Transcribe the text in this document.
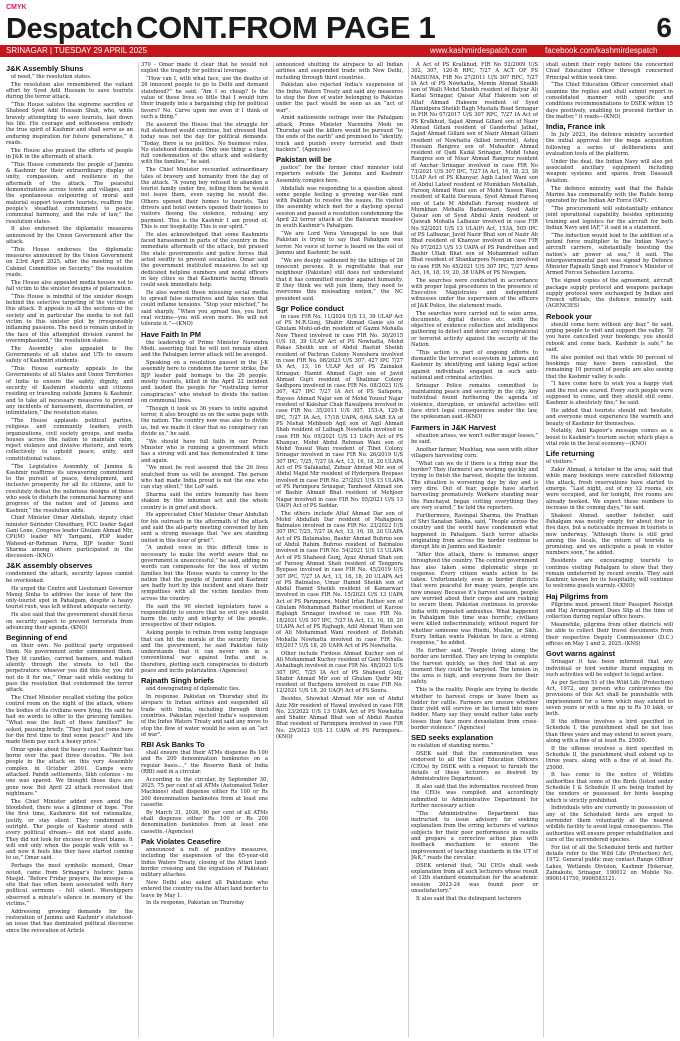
CMYK
Despatch CONT.FROM PAGE 1	6
SRINAGAR | TUESDAY 29 APRIL 2025	www.kashmirdespatch.com facebook.com/kashmirdespatch
J&K Assembly Shuns

of need,” the resolution states.

The resolution also remembered the valiant effort by Syed Adil Hussain to save tourists during the terror attack.

“This House salutes the supreme sacrifice of Shaheed Syed Adil Hussain Shah, who, while bravely attempting to save tourists, laid down his life. His courage and selflessness embody the true spirit of Kashmir and shall serve as an enduring inspiration for future generations,” it reads.

The House also praised the efforts of people in J&K in the aftermath of attack.

“This House commends the people of Jammu & Kashmir for their extraordinary display of unity, compassion, and resilience in the aftermath of the attack. The peaceful demonstrations across towns and villages, and the spontaneous outpouring of moral and material support towards tourists, reaffirm the people’s steadfast commitment to peace, communal harmony, and the rule of law,” the resolution states.

It also endorsed the diplomatic measures announced by the Union Government after the attack.

“This House endorses the diplomatic measures announced by the Union Government on 23rd April 2025, after the meeting of the Cabinet Committee on Security,” the resolution reads.

The House also appealed media houses not to fall victim to the sinister designs of polarization.

“This House is mindful of the sinister design behind the selective targeting of the victims of this attack. It appeals to all the sections of the society and in particular the media to not fall victim to this sinister plot by irresponsibly inflaming passions. The need is remain united in the face of this attempted division cannot be overemphasized,” the resolution states.

The Assembly also appealed to the Governments of all states and UTs to ensure safety of Kashmiri students.

“This House earnestly appeals to the Governments of all States and Union Territories of India to ensure the safety, dignity, and security of Kashmiri students and citizens residing or traveling outside Jammu & Kashmir, and to take all necessary measures to prevent any incidents of harassment, discrimination, or intimidation,” the resolution states.

“The House applauds political parties, religious and community leaders, youth organizations, civil society groups, and media houses across the nation to maintain calm, reject violence and divisive rhetoric, and work collectively to uphold peace, unity, and constitutional values.

“The Legislative Assembly of Jammu & Kashmir reaffirms its unwavering commitment to the pursuit of peace, development, and inclusive prosperity for all its citizens, and to resolutely defeat the nefarious designs of those who seek to disturb the communal harmony and progress of the nation and of Jammu and Kashmir,” the resolution adds.

Chief Minister Omar Abdullah, deputy chief minister Surinder Choudhary, PCC leader Sajad Gani Lone, Congress leader Ghulam Ahmad Mir, CPI(M) leader MY Tarigami, PDP leader Waheed-ur-Rehman Parra, BJP leader Sunil Sharma among others participated in the discussion.-(KNO)

J&K assembly observes

condemned the attack, security lapses cannot be overlooked.

He urged the Centre and Lieutenant Governor Manoj Sinha to address the issue of how the only-tourist spot in Pahalgam, despite a heavy tourist rush, was left without adequate security.

He also said that the government should focus on security aspect to prevent terrorists from advancing their agenda.-(KNO)

Beginning of end

on their own. No political party organised them. No government order summoned them. They lit candles, carried banners, and walked silently through the streets to tell the perpetrators: whoever you did this for, you did not do it for me,” Omar said while seeking to pass the resolution that condemned the terror attack.

The Chief Minister recalled visiting the police control room on the night of the attack, where the bodies of its civilians were lying. He said he had no words to offer to the grieving families. “What was the fault of these families?” he asked, pausing briefly. “They had just come here for the first time to find some peace!” And life made them pay such a heavy price.”

Omar spoke about the heavy cost Kashmir has borne over the past three decades. “We lost people in the attack on this very Assembly complex in October 2001. Camps were attacked. Pandit settlements, Sikh colonies - no one was spared. We thought those days are gone now. But April 22 attack recreated that nightmare.”

The Chief Minister added even amid the bloodshed, there was a glimmer of hope. “For the first time, Kashmiris did not rationalize, justify, or stay silent. They condemned it outright. The people of Kashmir stood with every political stream— did not stand aside. They did not look for excuses or divert blame. It will end only when the people walk with us - and now it feels like they have started coming to us,” Omar said.

Perhaps the most symbolic moment, Omar noted, came from Srinagar’s historic Jamia Masjid. “Before Friday prayers, the mosque - a site that has often been associated with fiery political sermons - fell silent. Worshippers observed a minute’s silence in memory of the victims.”

Addressing growing demands for the restoration of Jammu and Kashmir’s statehood- an issue that has dominated political discourse since the revocation of Article

370 - Omar made it clear that he would not exploit the tragedy for political leverage.

“How can I, with what face, use the deaths of 26 innocent people to go to Delhi and demand statehood?” he said. “Am I so cheap? Is the value of these lives so little that I would turn their tragedy into a bargaining chip for political favors? No. Carve upon me even if I think of such a thing.”

He assured the House that the struggle for full statehood would continue, but stressed that today was not the day for political demands. “Today, there is no politics. No business rules. No statehood demands. Only one thing: a clear, full condemnation of the attack and solidarity with the families,” he said.

The Chief Minister recounted extraordinary tales of bravery and humanity from the day of the attack. “A young boy refused to abandon a tourist family under fire, telling them he would not leave them, even saying he would die. Others opened their homes to tourists. Taxi drivers and hotel owners opened their homes to visitors fleeing the violence, refusing any payment. This is the Kashmir I am proud of. This is our hospitality. This is our spirit.”

He also acknowledged that some Kashmiris faced harassment in parts of the country in the immediate aftermath of the attack, but praised the state governments and police forces that acted swiftly to prevent escalation. Omar said the government instituted measures to set up dedicated helpline numbers and nodal officers in key cities so that Kashmiris facing threats could seek immediate help.

He also warned those misusing social media to spread false narratives and fake news that could inflame tensions. “Stop your mischief,” he said sharply. “When you spread lies, you hurt real victims—you will even more. We will not tolerate it.”—(KNO)

Have Faith In PM

the leadership of Prime Minister Narendra Modi, asserting that he will not remain silent and the Pahalgam terror attack will be avenged.

Speaking on a resolution passed in the J-K assembly here to condemn the terror strike, the BJP leader paid homage to the 26 people, mostly tourists, killed in the April 22 incident and lauded the people for ‟rustrating terror conspiracies” who wished to divide the nation on communal lines.

“Though it took us 36 years to unite against terror, it also brought us on the same page with the nation. The country now was also to divide us, but we made it clear that no conspiracy can divide us,” he said.

“We should have full faith in our Prime Minister who is running a government which has a strong will and has demonstrated it time and again.

“We must be rest assured that the 26 lives snatched from us will be avenged. The person who had made India proud is not the one who can stay silent,” the LoP said.

Sharma said the entire humanity has been shaken by this inhuman act and the whole country is in grief and shock.

He appreciated Chief Minister Omar Abdullah for his outreach in the aftermath of the attack and said the all-party meeting convened by him sent a strong message that “we are standing united in this hour of grief”.

“A united voice in this difficult time is necessary to make the world aware that no government is unsuccessful,” he said, adding no words can compensate for the loss of victim families but the House wants to convey to the nation that the people of Jammu and Kashmir are badly hurt by this incident and share their sympathies with all the victim families from across the country.

He said the 90 elected legislators have a responsibility to ensure that no evil eye should harm the unity and integrity of the people, irrespective of their religion.

Asking people to refrain from using language that can hit the morale of the security forces and the government, he said Pakistan fully understands that it can never win in a conventional war against India and is, therefore, plotting such conspiracies to disturb peace and incite polarization.-(Agencies)

Rajnath Singh briefs

and downgrading of diplomatic ties.

In response, Pakistan on Thursday shut its airspace to Indian airlines and suspended all trade with India, including through third countries. Pakistan rejected India’s suspension of the Indus Waters Treaty and said any move to stop the flow of water would be seen as an “act of war”.

RBI Ask Banks To

shall ensure that their ATMs dispense Rs 100 and Rs 200 denomination banknotes on a regular basis...,” the Reserve Bank of India (RBI) said in a circular.

According to the circular, by September 30, 2025, 75 per cent of all ATMs (Automated Teller Machines) shall dispense either Rs 100 or Rs 200 denomination banknotes from at least one cassette.

By March 31, 2026, 90 per cent of all ATMs shall dispense either Rs 100 or Rs 200 denomination banknotes from at least one cassette.-(Agencies)

Pak Violates Ceasefire

announced a raft of punitive measures, including the suspension of the 65-year-old Indus Waters Treaty, closing of the Attari land-border crossing and the expulsion of Pakistani military attaches.

New Delhi also asked all Pakistanis who entered the country via the Attari land border to leave by May 1.

In its response, Pakistan on Thursday

announced shutting its airspace to all Indian airlines and suspended trade with New Delhi, including through third countries.

Pakistan also rejected India’s suspension of the Indus Waters Treaty and said any measures to stop the flow of water belonging to Pakistan under the pact would be seen as an “act of war”.

Amid nationwide outrage over the Pahalgam attack, Prime Minister Narendra Modi on Thursday said the killers would be pursued “to the ends of the earth” and promised to “identify, track and punish every terrorist and their backers”. (Agencies)

Pakistan will be

justice” for the former chief minister told reporters outside the Jammu and Kashmir Assembly complex here.

Abdullah was responding to a question about some people feeling a growing war-like rant with Pakistan to resolve the issues. He visited the assembly which met for a daylong special session and passed a resolution condemning the April 22 terror attack at the Baisaran meadow in south Kashmir’s Pahalgam.

“We are Lord Venu Venugopal to see that Pakistan is trying to say that Pahalgam was terror. No voice of terror is heard on the soil of Jammu and Kashmir, he said.

“We are deeply saddened by the killings of 26 innocent persons. It is regrettable that our neighbour (Pakistan) still does not understand that it has committed murder against humanity. If they think we will join them, they need to overcome this misleading notion,” the NC president said.

Sgr Police conduct

in case FIR No. 11/2024 U/S 13, 39 ULAP Act of PS M.R.Gunj, Shabir Ahmad Ganie s/o of Ghulam Mohi-ud-din resident of Gazmi Mohalla New Theed involved in case FIR No. 30/2015 U/S 18, 39 ULAP Act of PS Nowhatta, Mohd Pakas Sheikh son of Abdul Rashid Sheikh resident of Pachran Colony Nowshera involved in case FIR No. 08/2023 U/S 307, 427 IPC 7/27 IA Act, 13, 16 ULAP Act of PS Zainakot Srinagar, Hamid Ahmad Gujri son of Javid Ahmad Gujri resident of Shalimar Colony Sadhpora involved in case FIR No. 08/2023 U/S 307, 427 IPC 7/27 IA Act of PS Safapora, Rayees Ahmad Najar son of Mohd Yousuf Najar resident of Kakshar Chak Rawalpora involved in case FIR No. 35/2011 U/S 307, 153-A, 120-B IPC, 7/27 IA Act, 17/18 UAPA, 6/6A SAB EA of PS Nishat Mehboob Aqil son of Aqil Ahmad Shah resident of Lalbagh Nowhatta involved in case FIR No. 05/2021 U/S 13 UA(P) Act of PS Khanyar, Mohd Abdul Rehman Wani son of Mohd Yousuf Wani resident of Tibet Colony Srinagar involved in case FIR No. 26/2019 U/S 307 IPC, 7/25, 7/27 IA Act, 13, 16, 18, 20 ULAPA Act of PS Safakadal, Zubair Ahmad Mir son of Abdul Majid Mir resident of Hyderpora Byepass involved in case FIR No. 27/2021 U/S 13 ULAPA of PS Parimpora Srinagar, Tamheed Ahmad son of Bashir Ahmad Bhat resident of Mehjoor Nagar involved in case FIR No. 05/2021 U/S 13 UA(P) Act of PS Saddar.

The others include Altaf Ahmad Dar son of Mohd Abdullah Dar resident of Mahajpora Batmaloo involved in case FIR No. 23/2022 U/S 307 IPC 7/25, 7/27 IA Act, 13, 16, 18, 20 ULAPA Act of PS Batamaloo, Bashir Ahmad Buhroo son of Abdul Rahim Buhroo resident of Batmaloo involved in case FIR No. 54/2021 U/S 13 ULAPA Act of PS Shaheed Gunj, Ayaz Ahmad Shah son of Farooq Ahmad Shah resident of Tengpora Byepass involved in case FIR No. 45/2019 U/S 307 IPC, 7/27 IA Act, 13, 16, 18, 20 ULAPA Act of PS Batmaloo, Umar Hamid Sheikh son of Abdul Hamid Sheikh resident of Kamarwari involved in case FIR No. 15/2023 U/S 13 UAPA Act of PS Parimpora, Mohd Irfan Rather son of Ghulam Mohammad Rather resident of Kursoo Rajbagh Srinagar involved in case FIR No. 18/2021 U/S 307 IPC, 7/27 IA Act, 13, 16, 18, 20 ULAPA Act of PS Rajbagh, Adil Ahmad Wani son of Ali Mohammad Wani resident of Botshah Mohalla Nowhatta involved in case FIR No. 65/2017 U/S 18, 20 UAPA Act of PS Nowhatta.

Other include Firdous Ahmad Kuchey son of Ali Mohammad Kuchey resident of Gani Mohalla Ashaibagh involved in case FIR No. 48/2021 U/S 307 IPC, 7/25 IA Act of PS Shaheed Gunj, Shabir Ahmad Mir son of Ghulam Qadir Mir resident of Buchpora involved in case FIR No. 12/2021 U/S 18, 20 UA(P) Act of PS Soura.

Besides, Showkat Ahmad Mir son of Abdul Aziz Mir resident of Hawal involved in case FIR No. 23/2022 U/S 13 UAPA Act of PS Nowhatta and Shabir Ahmad Bhat son of Abdul Rashid Bhat resident of Parimpora involved in case FIR No. 29/2023 U/S 13 UAPA of PS Parimpora.-(KNO)

A Act of PS Kralkhud, FIR No 52/2009 U/S 302, 307, 120-B RPC, 7/27 A ACT OF PS MAISUMA, FIR No 27/2011 U/S 307 RPC, 7/27 IA Act of PS Nowhatta, Momin Ahmad Shaikh son of Walli Mohd Sheikh resident of Batyar Ali Kadal Srinagar, Qaisar Altaf Hakeem son of Altaf Ahmad Hakeem resident of Syed Hamidpora Sheikh Bagh Mustafa Road Srinagar in FIR No 07/2017 U/S 307 RPC, 7/27 IA Act of PS Kralkhud, Sajad Ahmad Gillani son of Nazir Ahmad Gillani resident of Ganderbal Jathal, Sajad Ahmad Gillani son of Nazir Ahmad Gillani resident of Nowhatta (killed terrorist), Ashiq Hussain Rangrez son of Mubashir Ahmad resident of Qadi Kadal Srinagar, Mohd Ishaq Rangrez son of Nisar Ahmad Rangrez resident of Anchar Srinagar involved in case FIR No 73/2021 U/S 307 IPC, 7/27 IA Act, 16, 18, 23, 38 ULAP Act of PS Khanyar, Aqib Lateef Wani son of Abdul Lateef resident of Mumkhan Mohallah, Farooq Ahmad Wani son of Mohd Yaseen Wani resident of Kathi Darwaza, Syed Ahmad Farooq son of Late M Abdullah Farooq resident of Mumkhan Mohalla Badamwari, Syed Aatir Qaisar son of Syed Abdul Amin resident of Qaiwah Mohalla Lalbazar involved in case FIR No 52/2021 U/S 13 ULA(P) Act, 153A, 505 IPC of PS Lalbazar, Javid Nazir Bhat son of Nazir Ah Bhat resident of Khanyar involved in case FIR No 97/2023 U/S 13 UAPA of PS Pandrethan and Bashir Ullah Bhat son of Mohammad sultan Bhat resident of Shankarpora Nowgam involved in case FIR No 45/2021 U/S 307 IPC, 7/27 Arms Act, 16, 18, 19, 20, 38 UAPA of PS Nowgam.

The searches were conducted in accordance with proper legal procedures in the presence of Executive Magistrates and independent witnesses under the supervision of the officers of J&K Police, the statement reads.

The searches were carried out to seize arms, documents, digital devices etc. with the objective of evidence collection and intelligence gathering to detect and deter any conspiratorial or terrorist activity against the security of the Nation.

“This action is part of ongoing efforts to dismantle the terrorist ecosystem in Jammu and Kashmir by identifying and taking legal action against individuals engaged in such anti-national and criminal activities.

Srinagar Police remains committed to maintaining peace and security in the city. Any individual found furthering the agenda of violence, disruption, or unlawful activities will face strict legal consequences under the law, the spokesman said.-(KNO)

Farmers in J&K Harvest

situation arises, we won’t suffer major losses,” he said.

Another farmer, Mushtaq, was seen with other villagers harvesting corn.

“What can we do if there is a firing near the border? They (farmers) are working quickly and trying to finish the harvest, despite the tension. The situation is worsening day by day and is very dire. Out of fear, people have started harvesting prematurely. Workers standing near the Panchayat began cutting everything they are very scared,” he told the reporters.

Furthermore, Ravinpal Sharma, the Pradhan of Shri Sanatan Sabha, said, “People across the country and the world have condemned what happened in Pahalgam. Such terror attacks originating from across the border continue to disrupt life in Jammu and Kashmir.

“After this attack, there is immense anger throughout the country. The central government has also taken some diplomatic steps in response. Every citizen wants action to be taken. Unfortunately, even in border districts that were peaceful for many years, people are now uneasy. Because it’s harvest season, people are worried about their crops and are rushing to secure them. Pakistan continues to provoke India with repeated ambushes. What happened in Pahalgam this time was horrific; civilians were killed indiscriminately, without regard for whether someone was Hindu, Muslim, or Sikh. Every Indian wants Pakistan to face a strong response,” he added.

He further said, “People living along the border are terrified. They are trying to complete the harvest quickly, as they feel that at any moment they could be targeted. The tension in the area is high, and everyone fears for their safety.

This is the reality. People are trying to decide whether to harvest crops or leave them as fodder for cattle. Farmers are unsure whether their yield will survive or be turned into mere fodder. Many say they would rather take early losses than face more devastation from cross-border violence.” (Agencies)

SED seeks explanation

in violation of standing norms.”

DSEK said that the communication was endorsed to all the Chief Education Officers (CEOs) by DSEK with a request to furnish the details of these lecturers as desired by Administrative Department.

It also said that the information received from the CEOs was compiled and accordingly submitted to Administrative Department for further necessary action

“The Administrative Department has instructed to issue advisory for seeking explanation from the erring lecturers of various subjects for their poor performance in results and prepare a corrective action plan with feedback mechanism to ensure the improvement of teaching standards in the UT of J&K,” reads the circular.

DSEK ordered that, “All CEOs shall seek explanation from all such lecturers whose result of 12th standard examination for the academic session 2023-24 was found poor or unsatisfactory.”

It also said that the delinquent lecturers

shall submit their reply before the concerned Chief Education Officer through concerned Principal within week time.

“The Chief Education Officer concerned shall examine the replies and shall submit report in consolidated manner with specific and conditions recommendations to DSEK within 15 days positively, enabling to proceed further in the matter,” it reads—(KNO)

India, France ink

In July 2023, the defence ministry accorded the initial approval for the mega acquisition following a series of deliberations and evaluation tests of the platform.

Under the deal, the Indian Navy will also get associated ancillary equipment including weapon systems and spares from Dassault Aviation.

The defence ministry said that the Rafale Marine has commonality with the Rafale being operated by the Indian Air Force (IAF).

“The procurement will substantially enhance joint operational capability, besides optimizing training and logistics for the aircraft for both Indian Navy and IAF,” it said in a statement.

“The induction would lead to the addition of a potent force multiplier to the Indian Navy’s aircraft carriers, substantially boosting the nation’s air power at sea,” it said. The intergovernmental pact was signed by Defence Minister Rajnath Singh and France’s Minister of Armed Forces Sebastien Lecornu.

The signed copies of the agreement, aircraft package supply protocol and weapons package supply protocol were exchanged by Indian and French officials, the defence ministry said. (AGENCIES)

Rebook your

should come here without any fear,” he said, urging people to visit and support the valley. “If you have cancelled your bookings, you should rebook and come back. Kashmir is safe,” he said.

He also pointed out that while 90 percent of bookings may have been cancelled, the remaining 10 percent of people are also seeing that the Kashmir valley is safe.

“I have come here to wish you a happy visit and the rest are scared. Every such people were supposed to come, and they should still come. Kashmir is absolutely fine,” he said.

He added that tourists should not hesitate, and everyone must experience the warmth and beauty of Kashmir for themselves.

Notably, Anil Kapoor’s message comes as a boost to Kashmir’s tourism sector, which plays a vital role in the local economy—(KNO)

Life returning

of visitors.”

Zakir Ahmad, a hotelier in the area, said that while many bookings were cancelled following the attack, fresh reservations have started to emerge. “Last night, out of my 12 rooms, six were occupied, and for tonight, five rooms are already booked. We expect these numbers to increase in the coming days,” he said.

Shakeel Ahmad, another hotelier, said Pahalgam was mostly empty for about four to five days, but a noticeable increase in tourists is now underway. “Although there is still grief among the locals, the return of tourists is promising, and we anticipate a peak in visitor numbers soon,” he added.

Residents are encouraging tourists to continue visiting Pahalgam to show that they remain undeterred by recent events. They said Kashmir, known for its hospitality, will continue to welcome guests warmly.-(KNO)

Haj Pilgrims from

Pilgrims must present their Passport Receipt and Haj Arrangement Dues Slip at the time of collection during regular office hours.

Meanwhile, pilgrims from other districts will be able to collect their travel documents from their respective Deputy Commissioner (D.C.) offices on May 1 and 2, 2025.-(KNS)

Govt warns against

Srinagar it has been informed that any individual or bird vendor found engaging in such activities will be subject to legal action.

As per Section 51 of the Wild Life (Protection) Act, 1972, any person who contravenes the provisions of this Act shall be punishable with imprisonment for a term which may extend to seven years or with a fine up to Rs 10 lakh, or both.

If the offense involves a bird specified in Schedule I, the punishment shall be not less than three years and may extend to seven years, along with a fine of at least Rs. 25000.

If the offense involves a bird specified in Schedule II, the punishment shall extend up to three years, along with a fine of at least Rs. 25000.

It has come to the notice of Wildlife authorities that some of the Birds (listed under Schedule I & Schedule II are being traded by the vendors or possessed for birds keeping which is strictly prohibited.

Individuals who are currently in possession of any of the Scheduled birds are urged to surrender them voluntarily at the nearest wildlife facility to avoid legal consequences. The authorities will ensure proper rehabilitation and care of the surrendered species.

For list of all the Scheduled birds and further details refer to the Wild Life (Protection) Act, 1972. General public may contact Range Officer Lakes, Wetlands Division, Kashmir Hokersar, Zainakote, Srinagar, 190012 on Mobile No. 9906141750, 9906583121.
